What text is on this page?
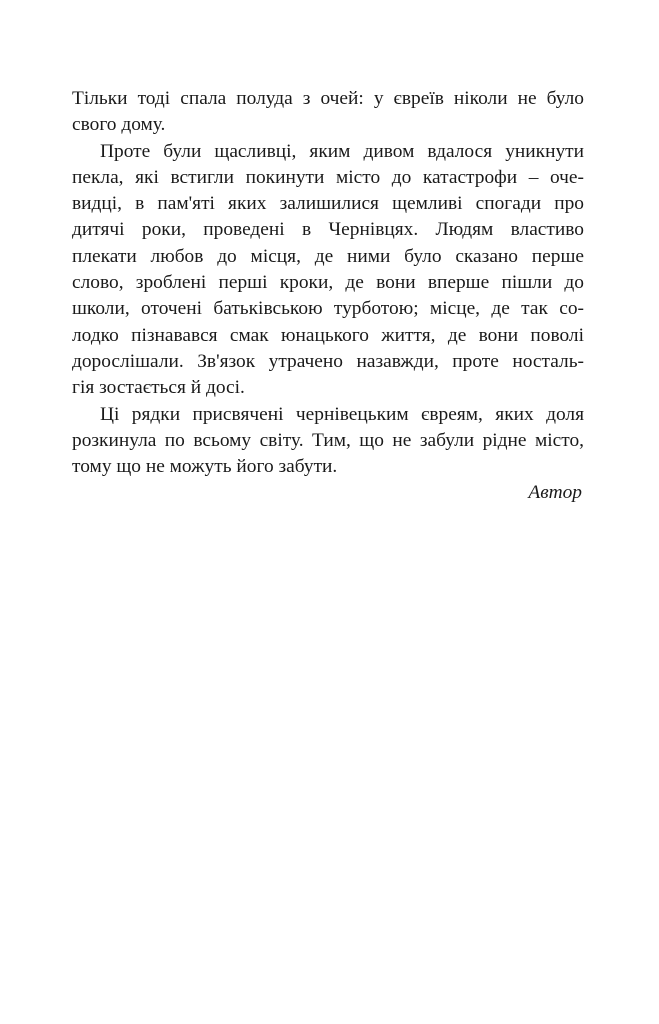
Тільки тоді спала полуда з очей: у євреїв ніколи не було
свого дому.
Проте були щасливці, яким дивом вдалося уникнути
пекла, які встигли покинути місто до катастрофи – оче-
видці, в пам'яті яких залишилися щемливі спогади про
дитячі роки, проведені в Чернівцях. Людям властиво
плекати любов до місця, де ними було сказано перше
слово, зроблені перші кроки, де вони вперше пішли до
школи, оточені батьківською турботою; місце, де так со-
лодко пізнавався смак юнацького життя, де вони поволі
дорослішали. Зв'язок утрачено назавжди, проте носталь-
гія зостається й досі.
Ці рядки присвячені чернівецьким євреям, яких доля
розкинула по всьому світу. Тим, що не забули рідне місто,
тому що не можуть його забути.
Автор
